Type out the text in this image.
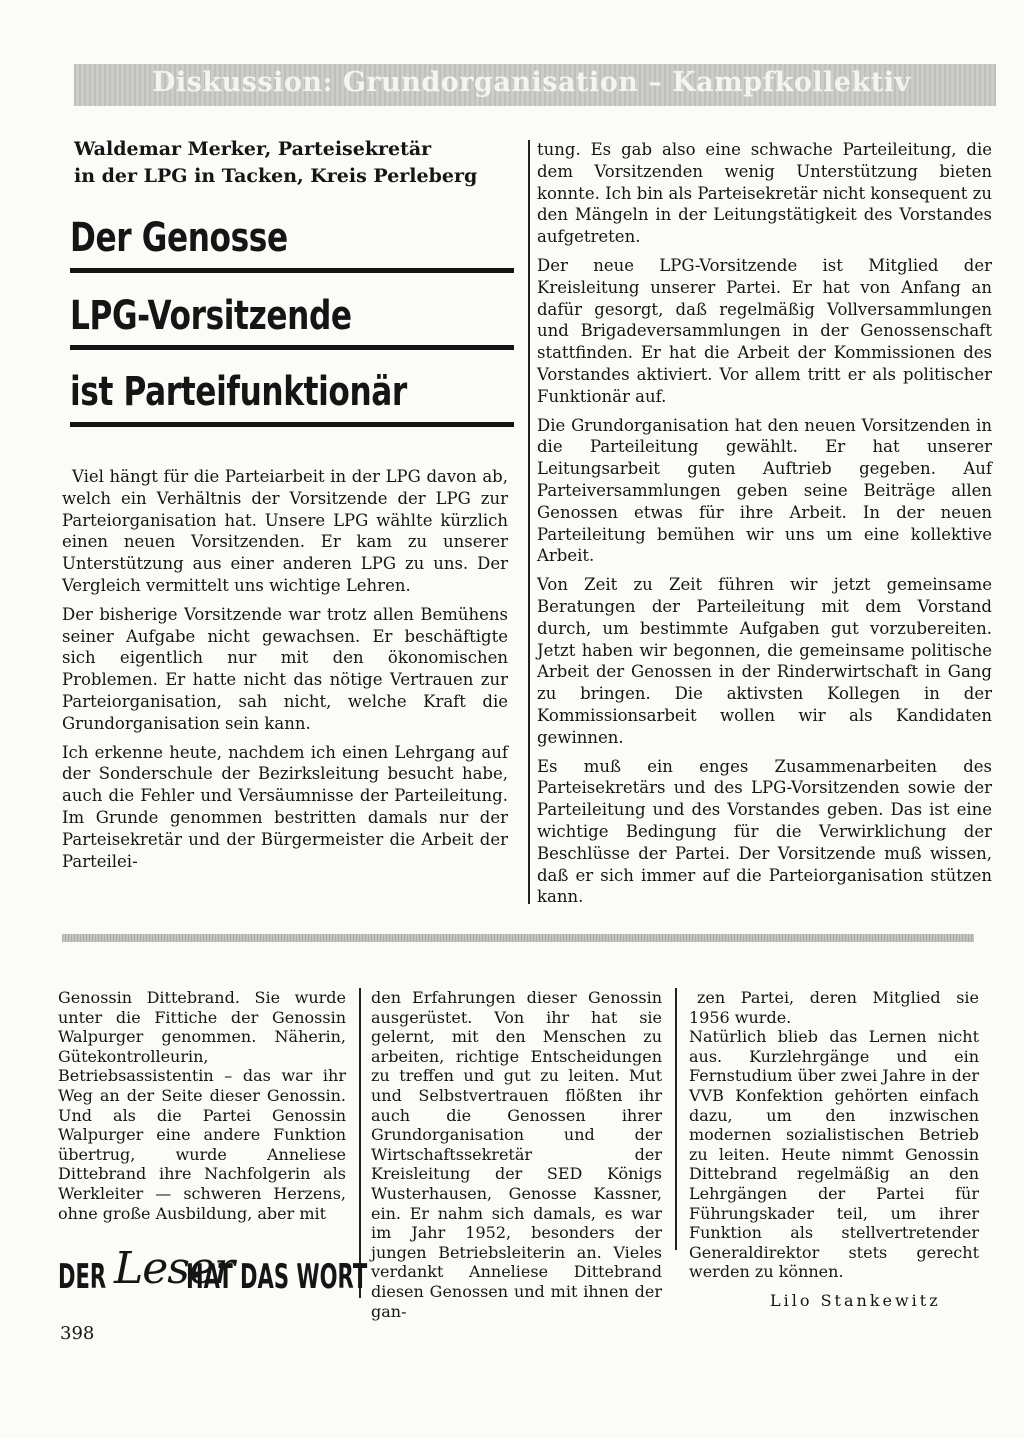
Diskussion: Grundorganisation – Kampfkollektiv

Waldemar Merker, Parteisekretär
in der LPG in Tacken, Kreis Perleberg

Der Genosse
LPG-Vorsitzende
ist Parteifunktionär

Viel hängt für die Parteiarbeit in der LPG davon ab, welch ein Verhältnis der Vorsitzende der LPG zur Parteiorganisation hat. Unsere LPG wählte kürzlich einen neuen Vorsitzenden. Er kam zu unserer Unterstützung aus einer anderen LPG zu uns. Der Vergleich vermittelt uns wichtige Lehren.

Der bisherige Vorsitzende war trotz allen Bemühens seiner Aufgabe nicht gewachsen. Er beschäftigte sich eigentlich nur mit den ökonomischen Problemen. Er hatte nicht das nötige Vertrauen zur Parteiorganisation, sah nicht, welche Kraft die Grundorganisation sein kann.

Ich erkenne heute, nachdem ich einen Lehrgang auf der Sonderschule der Bezirksleitung besucht habe, auch die Fehler und Versäumnisse der Parteileitung. Im Grunde genommen bestritten damals nur der Parteisekretär und der Bürgermeister die Arbeit der Parteilei-

tung. Es gab also eine schwache Parteileitung, die dem Vorsitzenden wenig Unterstützung bieten konnte. Ich bin als Parteisekretär nicht konsequent zu den Mängeln in der Leitungstätigkeit des Vorstandes aufgetreten.

Der neue LPG-Vorsitzende ist Mitglied der Kreisleitung unserer Partei. Er hat von Anfang an dafür gesorgt, daß regelmäßig Vollversammlungen und Brigadeversammlungen in der Genossenschaft stattfinden. Er hat die Arbeit der Kommissionen des Vorstandes aktiviert. Vor allem tritt er als politischer Funktionär auf.

Die Grundorganisation hat den neuen Vorsitzenden in die Parteileitung gewählt. Er hat unserer Leitungsarbeit guten Auftrieb gegeben. Auf Parteiversammlungen geben seine Beiträge allen Genossen etwas für ihre Arbeit. In der neuen Parteileitung bemühen wir uns um eine kollektive Arbeit.

Von Zeit zu Zeit führen wir jetzt gemeinsame Beratungen der Parteileitung mit dem Vorstand durch, um bestimmte Aufgaben gut vorzubereiten. Jetzt haben wir begonnen, die gemeinsame politische Arbeit der Genossen in der Rinderwirtschaft in Gang zu bringen. Die aktivsten Kollegen in der Kommissionsarbeit wollen wir als Kandidaten gewinnen.

Es muß ein enges Zusammenarbeiten des Parteisekretärs und des LPG-Vorsitzenden sowie der Parteileitung und des Vorstandes geben. Das ist eine wichtige Bedingung für die Verwirklichung der Beschlüsse der Partei. Der Vorsitzende muß wissen, daß er sich immer auf die Parteiorganisation stützen kann.

Genossin Dittebrand. Sie wurde unter die Fittiche der Genossin Walpurger genommen. Näherin, Gütekontrolleurin, Betriebsassistentin – das war ihr Weg an der Seite dieser Genossin. Und als die Partei Genossin Walpurger eine andere Funktion übertrug, wurde Anneliese Dittebrand ihre Nachfolgerin als Werkleiter — schweren Herzens, ohne große Ausbildung, aber mit

den Erfahrungen dieser Genossin ausgerüstet. Von ihr hat sie gelernt, mit den Menschen zu arbeiten, richtige Entscheidungen zu treffen und gut zu leiten. Mut und Selbstvertrauen flößten ihr auch die Genossen ihrer Grundorganisation und der Wirtschaftssekretär der Kreisleitung der SED Königs Wusterhausen, Genosse Kassner, ein. Er nahm sich damals, es war im Jahr 1952, besonders der jungen Betriebsleiterin an. Vieles verdankt Anneliese Dittebrand diesen Genossen und mit ihnen der gan-

zen Partei, deren Mitglied sie 1956 wurde.

Natürlich blieb das Lernen nicht aus. Kurzlehrgänge und ein Fernstudium über zwei Jahre in der VVB Konfektion gehörten einfach dazu, um den inzwischen modernen sozialistischen Betrieb zu leiten. Heute nimmt Genossin Dittebrand regelmäßig an den Lehrgängen der Partei für Führungskader teil, um ihrer Funktion als stellvertretender Generaldirektor stets gerecht werden zu können.

DER Leser
HAT DAS WORT
Lilo Stankewitz
398
